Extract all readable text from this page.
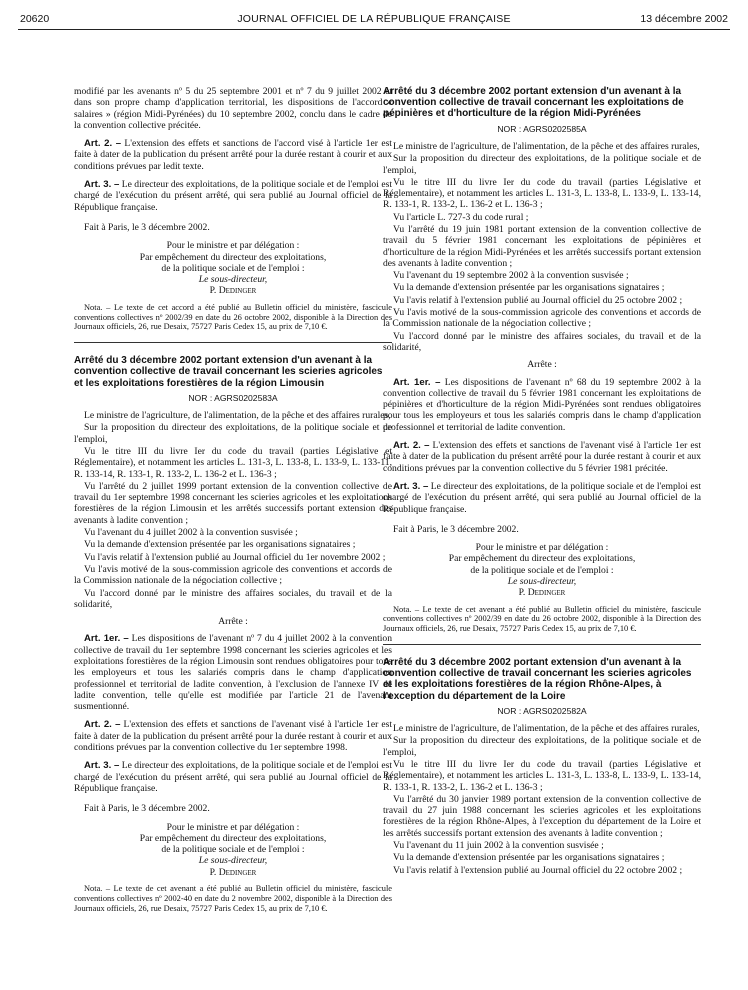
20620	JOURNAL OFFICIEL DE LA RÉPUBLIQUE FRANÇAISE	13 décembre 2002

modifié par les avenants nº 5 du 25 septembre 2001 et nº 7 du 9 juillet 2002 et dans son propre champ d'application territorial, les dispositions de l'accord « salaires » (région Midi-Pyrénées) du 10 septembre 2002, conclu dans le cadre de la convention collective précitée.

Art. 2. – L'extension des effets et sanctions de l'accord visé à l'article 1er est faite à dater de la publication du présent arrêté pour la durée restant à courir et aux conditions prévues par ledit texte.

Art. 3. – Le directeur des exploitations, de la politique sociale et de l'emploi est chargé de l'exécution du présent arrêté, qui sera publié au Journal officiel de la République française.

Fait à Paris, le 3 décembre 2002.

Pour le ministre et par délégation :

Par empêchement du directeur des exploitations,

de la politique sociale et de l'emploi :

Le sous-directeur,

P. Dedinger

Nota. – Le texte de cet accord a été publié au Bulletin officiel du ministère, fascicule conventions collectives nº 2002/39 en date du 26 octobre 2002, disponible à la Direction des Journaux officiels, 26, rue Desaix, 75727 Paris Cedex 15, au prix de 7,10 €.

Arrêté du 3 décembre 2002 portant extension d'un avenant à la convention collective de travail concernant les scieries agricoles et les exploitations forestières de la région Limousin

NOR : AGRS0202583A

Le ministre de l'agriculture, de l'alimentation, de la pêche et des affaires rurales,

Sur la proposition du directeur des exploitations, de la politique sociale et de l'emploi,

Vu le titre III du livre Ier du code du travail (parties Législative et Réglementaire), et notamment les articles L. 131-3, L. 133-8, L. 133-9, L. 133-11, R. 133-14, R. 133-1, R. 133-2, L. 136-2 et L. 136-3 ;

Vu l'arrêté du 2 juillet 1999 portant extension de la convention collective de travail du 1er septembre 1998 concernant les scieries agricoles et les exploitations forestières de la région Limousin et les arrêtés successifs portant extension des avenants à ladite convention ;

Vu l'avenant du 4 juillet 2002 à la convention susvisée ;

Vu la demande d'extension présentée par les organisations signataires ;

Vu l'avis relatif à l'extension publié au Journal officiel du 1er novembre 2002 ;

Vu l'avis motivé de la sous-commission agricole des conventions et accords de la Commission nationale de la négociation collective ;

Vu l'accord donné par le ministre des affaires sociales, du travail et de la solidarité,

Arrête :

Art. 1er. – Les dispositions de l'avenant nº 7 du 4 juillet 2002 à la convention collective de travail du 1er septembre 1998 concernant les scieries agricoles et les exploitations forestières de la région Limousin sont rendues obligatoires pour tous les employeurs et tous les salariés compris dans le champ d'application professionnel et territorial de ladite convention, à l'exclusion de l'annexe IV de ladite convention, telle qu'elle est modifiée par l'article 21 de l'avenant susmentionné.

Art. 2. – L'extension des effets et sanctions de l'avenant visé à l'article 1er est faite à dater de la publication du présent arrêté pour la durée restant à courir et aux conditions prévues par la convention collective du 1er septembre 1998.

Art. 3. – Le directeur des exploitations, de la politique sociale et de l'emploi est chargé de l'exécution du présent arrêté, qui sera publié au Journal officiel de la République française.

Fait à Paris, le 3 décembre 2002.

Pour le ministre et par délégation :

Par empêchement du directeur des exploitations,

de la politique sociale et de l'emploi :

Le sous-directeur,

P. Dedinger

Nota. – Le texte de cet avenant a été publié au Bulletin officiel du ministère, fascicule conventions collectives nº 2002-40 en date du 2 novembre 2002, disponible à la Direction des Journaux officiels, 26, rue Desaix, 75727 Paris Cedex 15, au prix de 7,10 €.

Arrêté du 3 décembre 2002 portant extension d'un avenant à la convention collective de travail concernant les exploitations de pépinières et d'horticulture de la région Midi-Pyrénées

NOR : AGRS0202585A

Le ministre de l'agriculture, de l'alimentation, de la pêche et des affaires rurales,

Sur la proposition du directeur des exploitations, de la politique sociale et de l'emploi,

Vu le titre III du livre Ier du code du travail (parties Législative et Réglementaire), et notamment les articles L. 131-3, L. 133-8, L. 133-9, L. 133-14, R. 133-1, R. 133-2, L. 136-2 et L. 136-3 ;

Vu l'article L. 727-3 du code rural ;

Vu l'arrêté du 19 juin 1981 portant extension de la convention collective de travail du 5 février 1981 concernant les exploitations de pépinières et d'horticulture de la région Midi-Pyrénées et les arrêtés successifs portant extension des avenants à ladite convention ;

Vu l'avenant du 19 septembre 2002 à la convention susvisée ;

Vu la demande d'extension présentée par les organisations signataires ;

Vu l'avis relatif à l'extension publié au Journal officiel du 25 octobre 2002 ;

Vu l'avis motivé de la sous-commission agricole des conventions et accords de la Commission nationale de la négociation collective ;

Vu l'accord donné par le ministre des affaires sociales, du travail et de la solidarité,

Arrête :

Art. 1er. – Les dispositions de l'avenant nº 68 du 19 septembre 2002 à la convention collective de travail du 5 février 1981 concernant les exploitations de pépinières et d'horticulture de la région Midi-Pyrénées sont rendues obligatoires pour tous les employeurs et tous les salariés compris dans le champ d'application professionnel et territorial de ladite convention.

Art. 2. – L'extension des effets et sanctions de l'avenant visé à l'article 1er est faite à dater de la publication du présent arrêté pour la durée restant à courir et aux conditions prévues par la convention collective du 5 février 1981 précitée.

Art. 3. – Le directeur des exploitations, de la politique sociale et de l'emploi est chargé de l'exécution du présent arrêté, qui sera publié au Journal officiel de la République française.

Fait à Paris, le 3 décembre 2002.

Pour le ministre et par délégation :

Par empêchement du directeur des exploitations,

de la politique sociale et de l'emploi :

Le sous-directeur,

P. Dedinger

Nota. – Le texte de cet avenant a été publié au Bulletin officiel du ministère, fascicule conventions collectives nº 2002/39 en date du 26 octobre 2002, disponible à la Direction des Journaux officiels, 26, rue Desaix, 75727 Paris Cedex 15, au prix de 7,10 €.

Arrêté du 3 décembre 2002 portant extension d'un avenant à la convention collective de travail concernant les scieries agricoles et les exploitations forestières de la région Rhône-Alpes, à l'exception du département de la Loire

NOR : AGRS0202582A

Le ministre de l'agriculture, de l'alimentation, de la pêche et des affaires rurales,

Sur la proposition du directeur des exploitations, de la politique sociale et de l'emploi,

Vu le titre III du livre Ier du code du travail (parties Législative et Réglementaire), et notamment les articles L. 131-3, L. 133-8, L. 133-9, L. 133-14, R. 133-1, R. 133-2, L. 136-2 et L. 136-3 ;

Vu l'arrêté du 30 janvier 1989 portant extension de la convention collective de travail du 27 juin 1988 concernant les scieries agricoles et les exploitations forestières de la région Rhône-Alpes, à l'exception du département de la Loire et les arrêtés successifs portant extension des avenants à ladite convention ;

Vu l'avenant du 11 juin 2002 à la convention susvisée ;

Vu la demande d'extension présentée par les organisations signataires ;

Vu l'avis relatif à l'extension publié au Journal officiel du 22 octobre 2002 ;
